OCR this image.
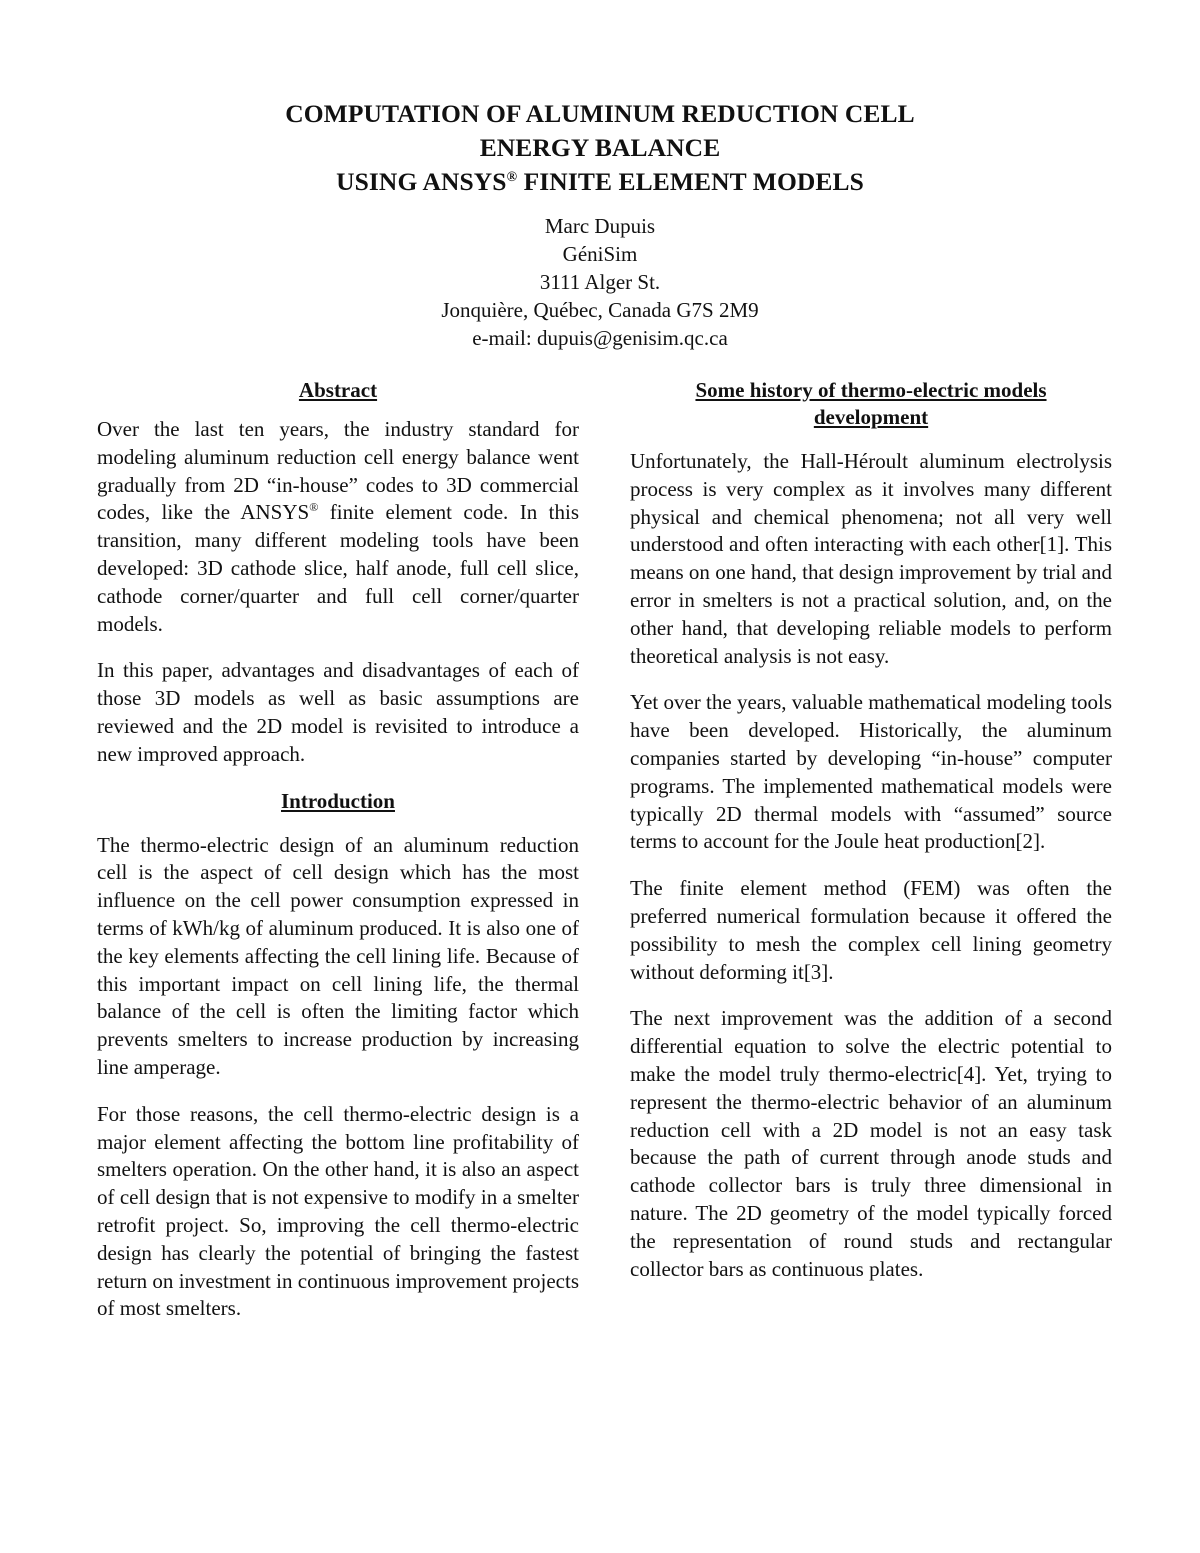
COMPUTATION OF ALUMINUM REDUCTION CELL
ENERGY BALANCE
USING ANSYS® FINITE ELEMENT MODELS
Marc Dupuis
GéniSim
3111 Alger St.
Jonquière, Québec, Canada G7S 2M9
e-mail: dupuis@genisim.qc.ca
Abstract

Over the last ten years, the industry standard for modeling aluminum reduction cell energy balance went gradually from 2D “in-house” codes to 3D commercial codes, like the ANSYS® finite element code. In this transition, many different modeling tools have been developed: 3D cathode slice, half anode, full cell slice, cathode corner/quarter and full cell corner/quarter models.

In this paper, advantages and disadvantages of each of those 3D models as well as basic assumptions are reviewed and the 2D model is revisited to introduce a new improved approach.

Introduction

The thermo-electric design of an aluminum reduction cell is the aspect of cell design which has the most influence on the cell power consumption expressed in terms of kWh/kg of aluminum produced. It is also one of the key elements affecting the cell lining life. Because of this important impact on cell lining life, the thermal balance of the cell is often the limiting factor which prevents smelters to increase production by increasing line amperage.

For those reasons, the cell thermo-electric design is a major element affecting the bottom line profitability of smelters operation. On the other hand, it is also an aspect of cell design that is not expensive to modify in a smelter retrofit project. So, improving the cell thermo-electric design has clearly the potential of bringing the fastest return on investment in continuous improvement projects of most smelters.

Some history of thermo-electric models
development

Unfortunately, the Hall-Héroult aluminum electrolysis process is very complex as it involves many different physical and chemical phenomena; not all very well understood and often interacting with each other[1]. This means on one hand, that design improvement by trial and error in smelters is not a practical solution, and, on the other hand, that developing reliable models to perform theoretical analysis is not easy.

Yet over the years, valuable mathematical modeling tools have been developed. Historically, the aluminum companies started by developing “in-house” computer programs. The implemented mathematical models were typically 2D thermal models with “assumed” source terms to account for the Joule heat production[2].

The finite element method (FEM) was often the preferred numerical formulation because it offered the possibility to mesh the complex cell lining geometry without deforming it[3].

The next improvement was the addition of a second differential equation to solve the electric potential to make the model truly thermo-electric[4]. Yet, trying to represent the thermo-electric behavior of an aluminum reduction cell with a 2D model is not an easy task because the path of current through anode studs and cathode collector bars is truly three dimensional in nature. The 2D geometry of the model typically forced the representation of round studs and rectangular collector bars as continuous plates.
